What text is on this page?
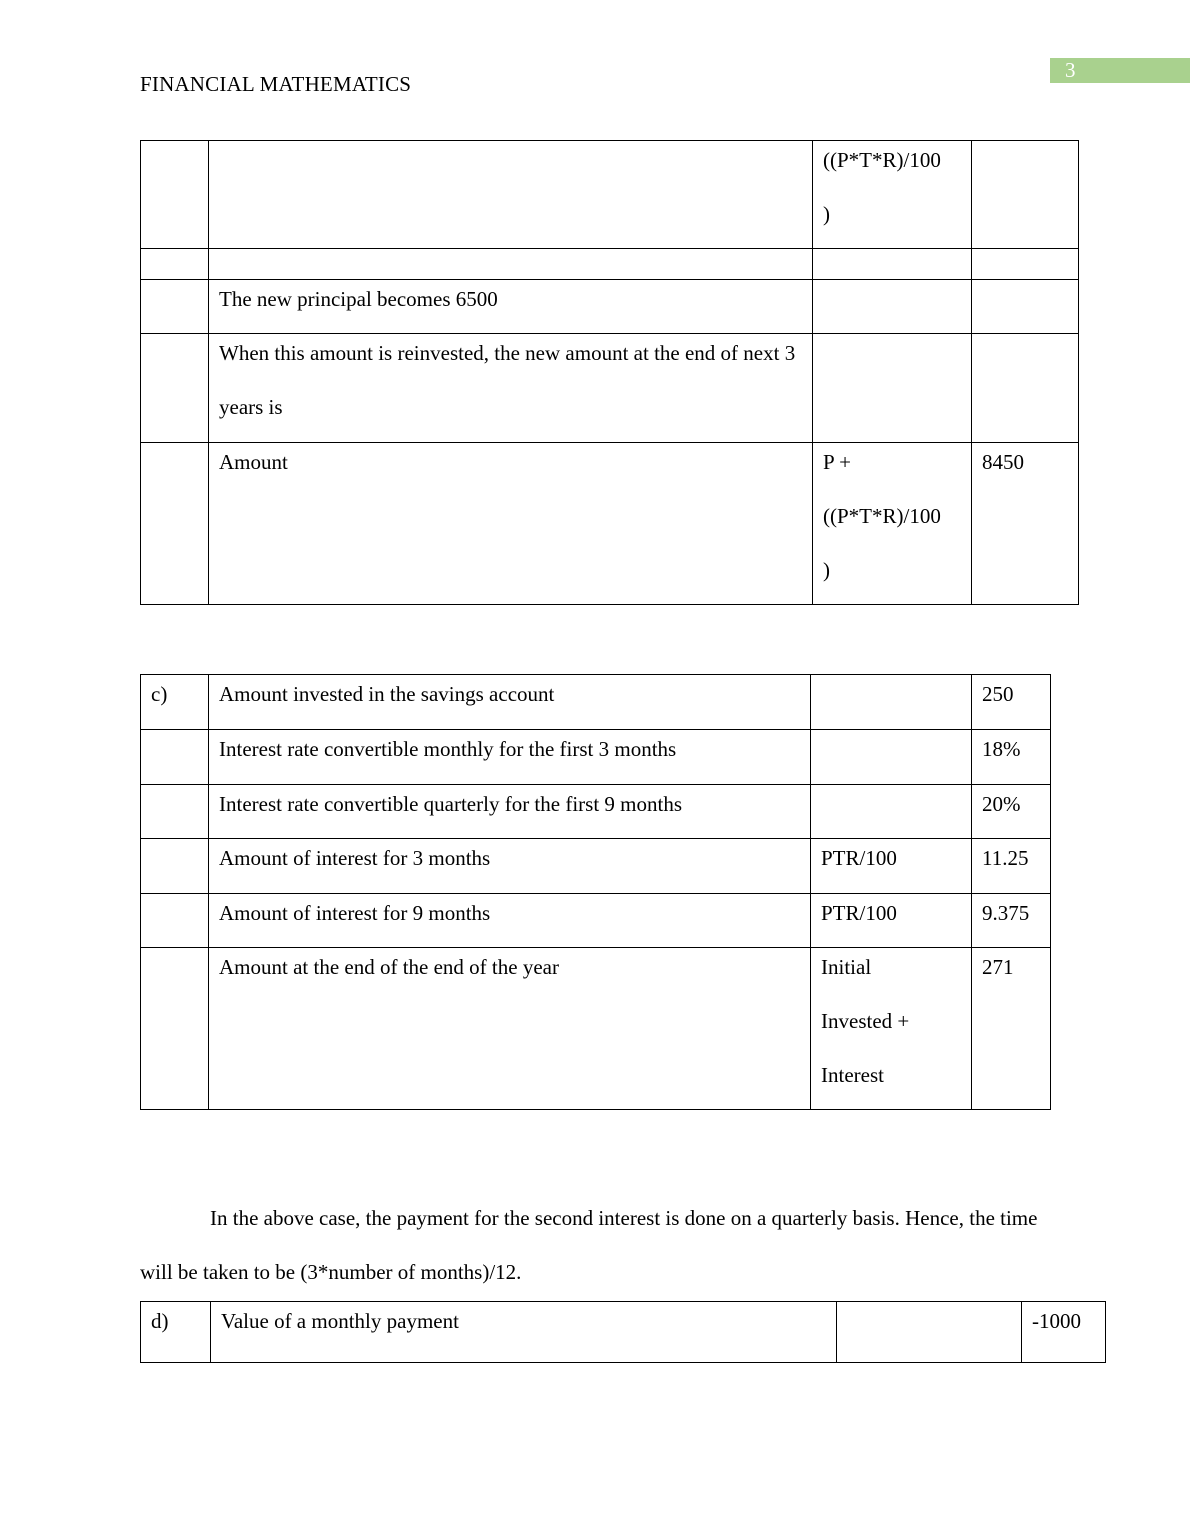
3
FINANCIAL MATHEMATICS

		((P*T*R)/100
)	

	The new principal becomes 6500		

	When this amount is reinvested, the new amount at the end of next 3 years is		

	Amount	P +
((P*T*R)/100
)	8450
c)	Amount invested in the savings account		250

	Interest rate convertible monthly for the first 3 months		18%

	Interest rate convertible quarterly for the first 9 months		20%

	Amount of interest for 3 months	PTR/100	11.25

	Amount of interest for 9 months	PTR/100	9.375

	Amount at the end of the end of the year	Initial
Invested +
Interest	271

In the above case, the payment for the second interest is done on a quarterly basis. Hence, the time will be taken to be (3*number of months)/12.

d)	Value of a monthly payment		-1000
